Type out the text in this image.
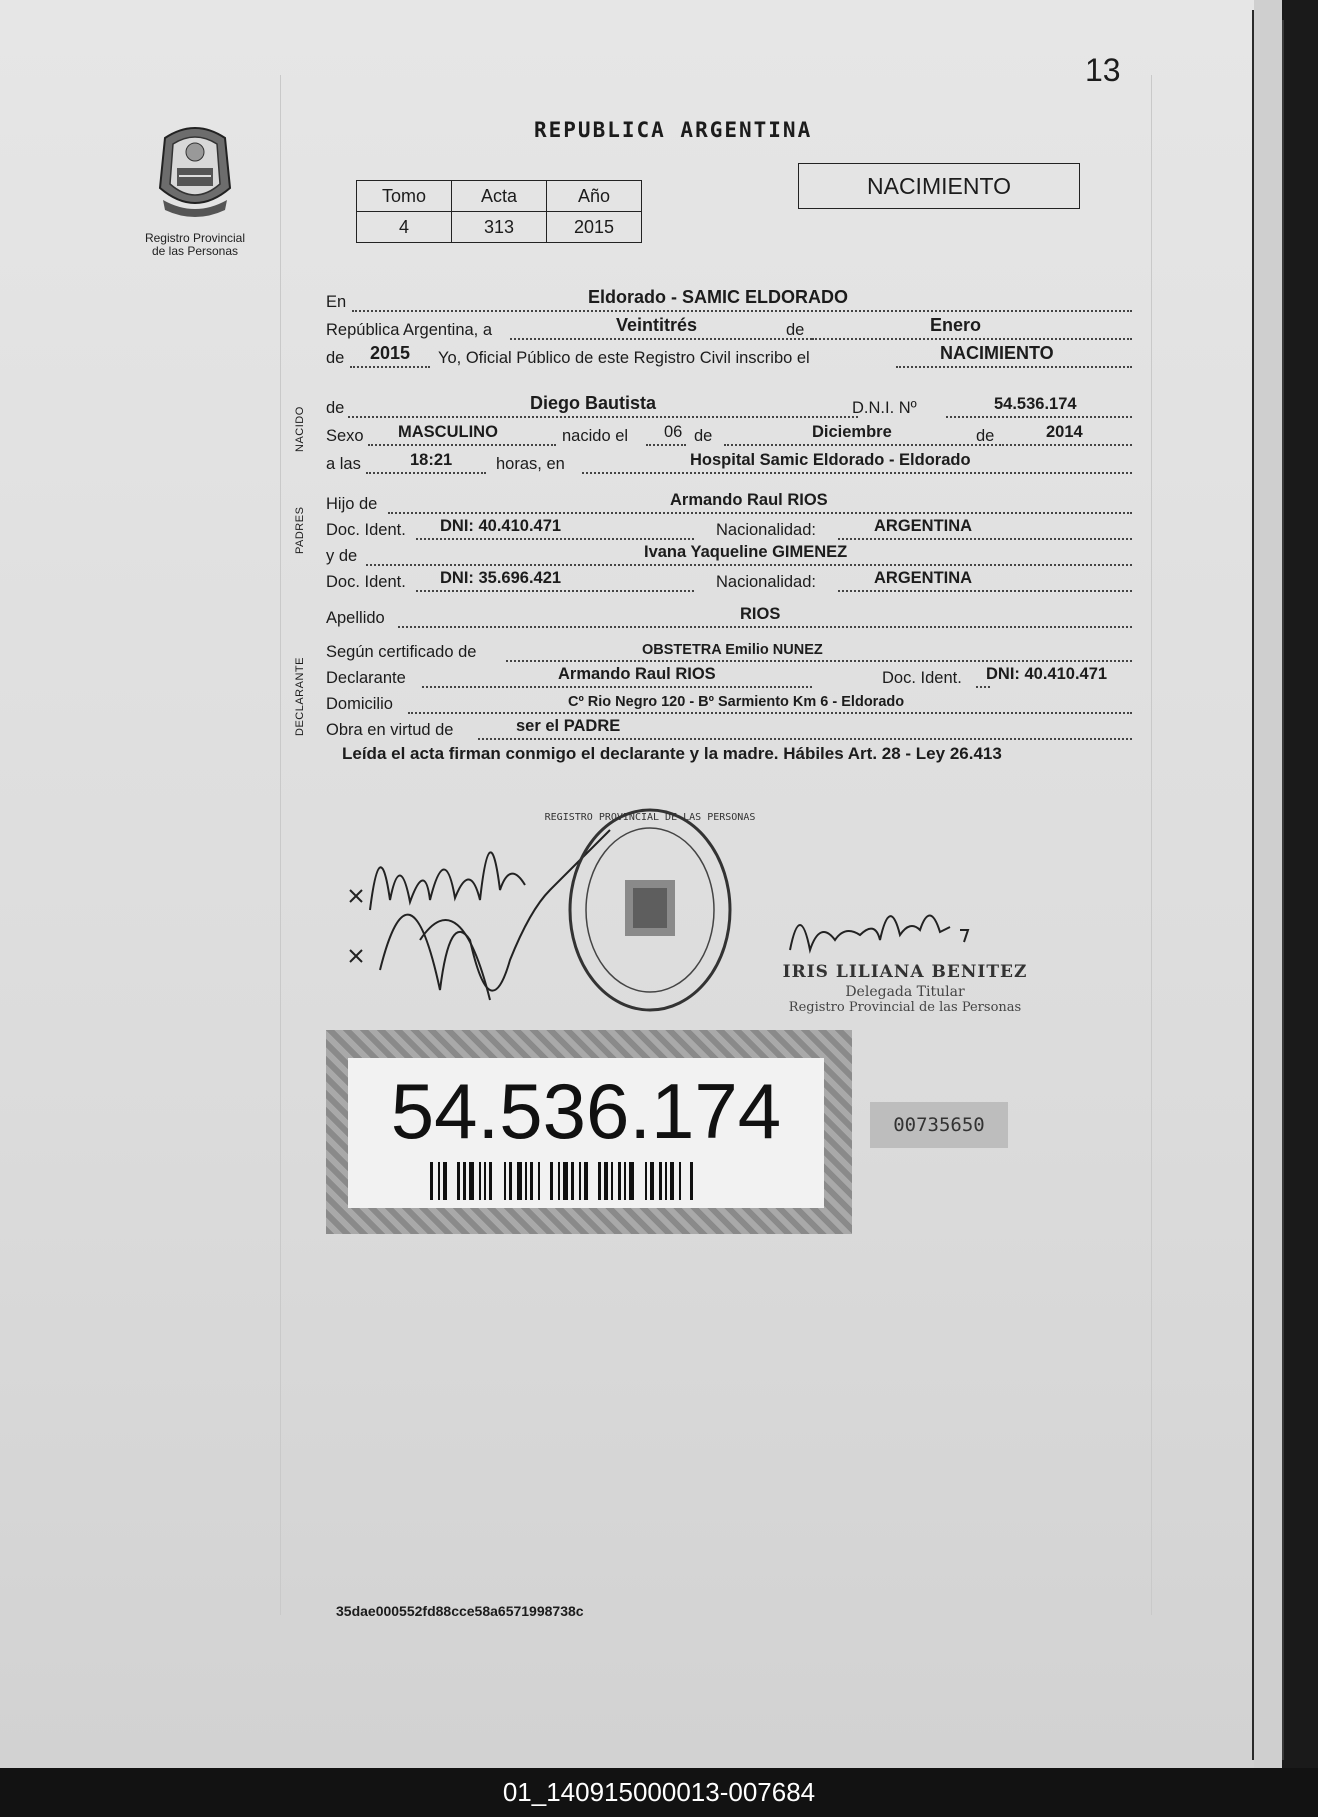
13
Registro Provincial
de las Personas
REPUBLICA ARGENTINA
Tomo	Acta	Año
4	313	2015
NACIMIENTO
En	Eldorado - SAMIC ELDORADO
República Argentina, a	Veintitrés	de	Enero
de 2015 Yo, Oficial Público de este Registro Civil inscribo el	NACIMIENTO
de	Diego Bautista	D.N.I. Nº	54.536.174
Sexo MASCULINO	nacido el 06 de	Diciembre	de	2014
a las	18:21	horas, en	Hospital Samic Eldorado - Eldorado
Hijo de	Armando Raul RIOS
Doc. Ident. DNI: 40.410.471	Nacionalidad:	ARGENTINA
y de	Ivana Yaqueline GIMENEZ
Doc. Ident. DNI: 35.696.421	Nacionalidad:	ARGENTINA
Apellido	RIOS
Según certificado de	OBSTETRA Emilio NUNEZ
Declarante	Armando Raul RIOS	Doc. Ident. DNI: 40.410.471
Domicilio	Cº Rio Negro 120 - Bº Sarmiento Km 6 - Eldorado
Obra en virtud de	ser el PADRE
NACIDO
PADRES
DECLARANTE
Leída el acta firman conmigo el declarante y la madre. Hábiles Art. 28 - Ley 26.413
REGISTRO PROVINCIAL DE LAS PERSONAS
IRIS LILIANA BENITEZ
Delegada Titular
Registro Provincial de las Personas
54.536.174	00735650
35dae000552fd88cce58a6571998738c
01_140915000013-007684
